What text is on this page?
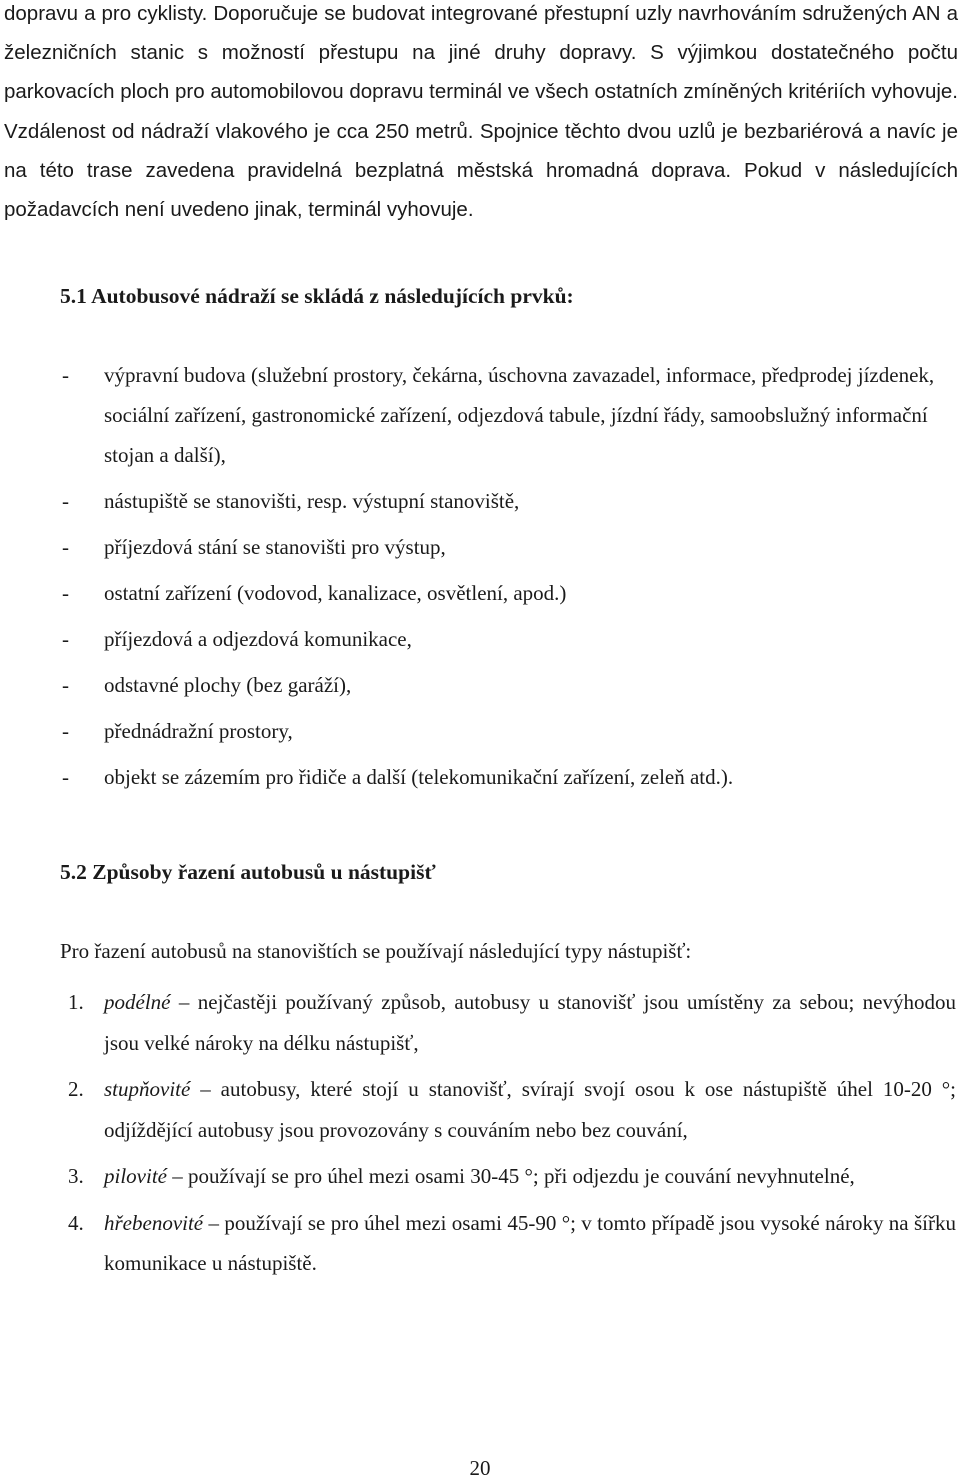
dopravu a pro cyklisty. Doporučuje se budovat integrované přestupní uzly navrhováním sdružených AN a železničních stanic s možností přestupu na jiné druhy dopravy. S výjimkou dostatečného počtu parkovacích ploch pro automobilovou dopravu terminál ve všech ostatních zmíněných kritériích vyhovuje. Vzdálenost od nádraží vlakového je cca 250 metrů. Spojnice těchto dvou uzlů je bezbariérová a navíc je na této trase zavedena pravidelná bezplatná městská hromadná doprava. Pokud v následujících požadavcích není uvedeno jinak, terminál vyhovuje.

5.1 Autobusové nádraží se skládá z následujících prvků:
- výpravní budova (služební prostory, čekárna, úschovna zavazadel, informace, předprodej jízdenek, sociální zařízení, gastronomické zařízení, odjezdová tabule, jízdní řády, samoobslužný informační stojan a další),
- nástupiště se stanovišti, resp. výstupní stanoviště,
- příjezdová stání se stanovišti pro výstup,
- ostatní zařízení (vodovod, kanalizace, osvětlení, apod.)
- příjezdová a odjezdová komunikace,
- odstavné plochy (bez garáží),
- přednádražní prostory,
- objekt se zázemím pro řidiče a další (telekomunikační zařízení, zeleň atd.).
5.2 Způsoby řazení autobusů u nástupišť

Pro řazení autobusů na stanovištích se používají následující typy nástupišť:

1. podélné – nejčastěji používaný způsob, autobusy u stanovišť jsou umístěny za sebou; nevýhodou jsou velké nároky na délku nástupišť,
2. stupňovité – autobusy, které stojí u stanovišť, svírají svojí osou k ose nástupiště úhel 10-20 °; odjíždějící autobusy jsou provozovány s couváním nebo bez couvání,
3. pilovité – používají se pro úhel mezi osami 30-45 °; při odjezdu je couvání nevyhnutelné,
4. hřebenovité – používají se pro úhel mezi osami 45-90 °; v tomto případě jsou vysoké nároky na šířku komunikace u nástupiště.

20
